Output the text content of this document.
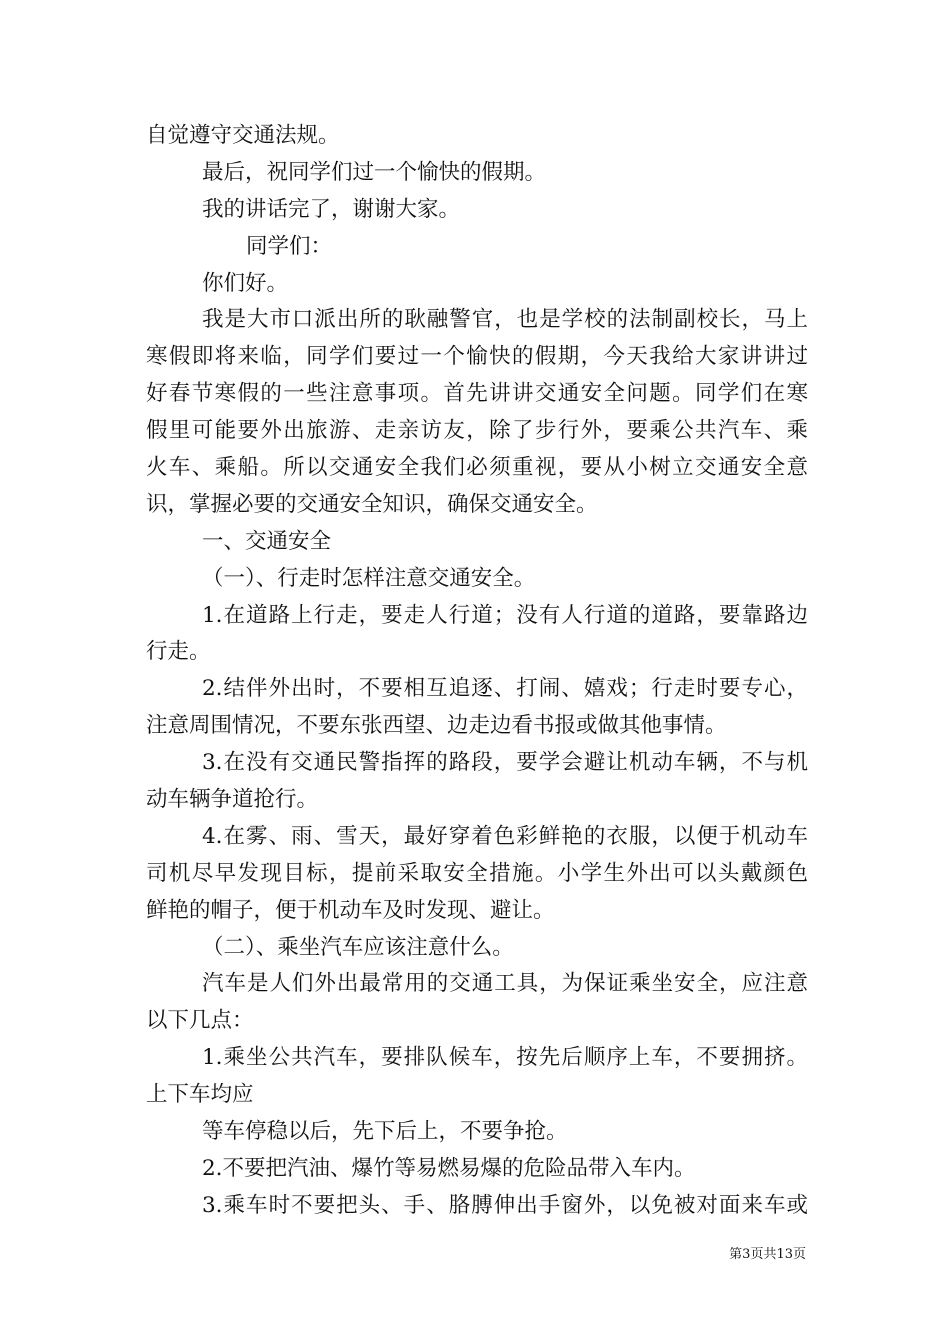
自觉遵守交通法规。
最后，祝同学们过一个愉快的假期。
我的讲话完了，谢谢大家。
同学们：
你们好。
我是大市口派出所的耿融警官，也是学校的法制副校长，马上
寒假即将来临，同学们要过一个愉快的假期，今天我给大家讲讲过
好春节寒假的一些注意事项。首先讲讲交通安全问题。同学们在寒
假里可能要外出旅游、走亲访友，除了步行外，要乘公共汽车、乘
火车、乘船。所以交通安全我们必须重视，要从小树立交通安全意
识，掌握必要的交通安全知识，确保交通安全。
一、交通安全
（一）、行走时怎样注意交通安全。
1.在道路上行走，要走人行道；没有人行道的道路，要靠路边
行走。
2.结伴外出时，不要相互追逐、打闹、嬉戏；行走时要专心，
注意周围情况，不要东张西望、边走边看书报或做其他事情。
3.在没有交通民警指挥的路段，要学会避让机动车辆，不与机
动车辆争道抢行。
4.在雾、雨、雪天，最好穿着色彩鲜艳的衣服，以便于机动车
司机尽早发现目标，提前采取安全措施。小学生外出可以头戴颜色
鲜艳的帽子，便于机动车及时发现、避让。
（二）、乘坐汽车应该注意什么。
汽车是人们外出最常用的交通工具，为保证乘坐安全，应注意
以下几点：
1.乘坐公共汽车，要排队候车，按先后顺序上车，不要拥挤。
上下车均应
等车停稳以后，先下后上，不要争抢。
2.不要把汽油、爆竹等易燃易爆的危险品带入车内。
3.乘车时不要把头、手、胳膊伸出手窗外，以免被对面来车或
第3页共13页
